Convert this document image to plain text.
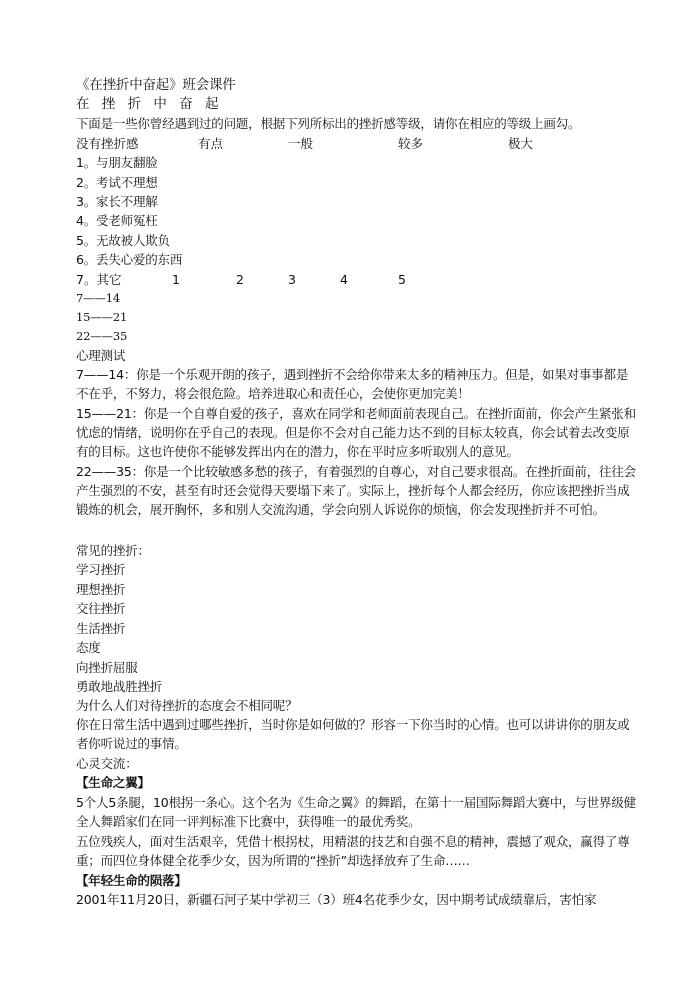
《在挫折中奋起》班会课件
在 挫 折 中 奋 起
下面是一些你曾经遇到过的问题，根据下列所标出的挫折感等级，请你在相应的等级上画勾。
没有挫折感	有点	一般	较多	极大
1。与朋友翻脸
2。考试不理想
3。家长不理解
4。受老师冤枉
5。无故被人欺负
6。丢失心爱的东西
7。其它	1	2	3	4	5
7——14
15——21
22——35
心理测试
7——14：你是一个乐观开朗的孩子，遇到挫折不会给你带来太多的精神压力。但是，如果对事事都是不在乎，不努力，将会很危险。培养进取心和责任心，会使你更加完美！
15——21：你是一个自尊自爱的孩子，喜欢在同学和老师面前表现自己。在挫折面前，你会产生紧张和忧虑的情绪，说明你在乎自己的表现。但是你不会对自己能力达不到的目标太较真，你会试着去改变原有的目标。这也许使你不能够发挥出内在的潜力，你在平时应多听取别人的意见。
22——35：你是一个比较敏感多愁的孩子，有着强烈的自尊心，对自己要求很高。在挫折面前，往往会产生强烈的不安，甚至有时还会觉得天要塌下来了。实际上，挫折每个人都会经历，你应该把挫折当成锻炼的机会，展开胸怀，多和别人交流沟通，学会向别人诉说你的烦恼，你会发现挫折并不可怕。
常见的挫折：
学习挫折
理想挫折
交往挫折
生活挫折
态度
向挫折屈服
勇敢地战胜挫折
为什么人们对待挫折的态度会不相同呢？
你在日常生活中遇到过哪些挫折，当时你是如何做的？形容一下你当时的心情。也可以讲讲你的朋友或者你听说过的事情。
心灵交流：
【生命之翼】
5个人5条腿，10根拐一条心。这个名为《生命之翼》的舞蹈，在第十一届国际舞蹈大赛中，与世界级健全人舞蹈家们在同一评判标准下比赛中，获得唯一的最优秀奖。
五位残疾人，面对生活艰辛，凭借十根拐杖，用精湛的技艺和自强不息的精神，震撼了观众，赢得了尊重；而四位身体健全花季少女，因为所谓的“挫折”却选择放弃了生命……
【年轻生命的陨落】
2001年11月20日，新疆石河子某中学初三（3）班4名花季少女，因中期考试成绩靠后，害怕家
